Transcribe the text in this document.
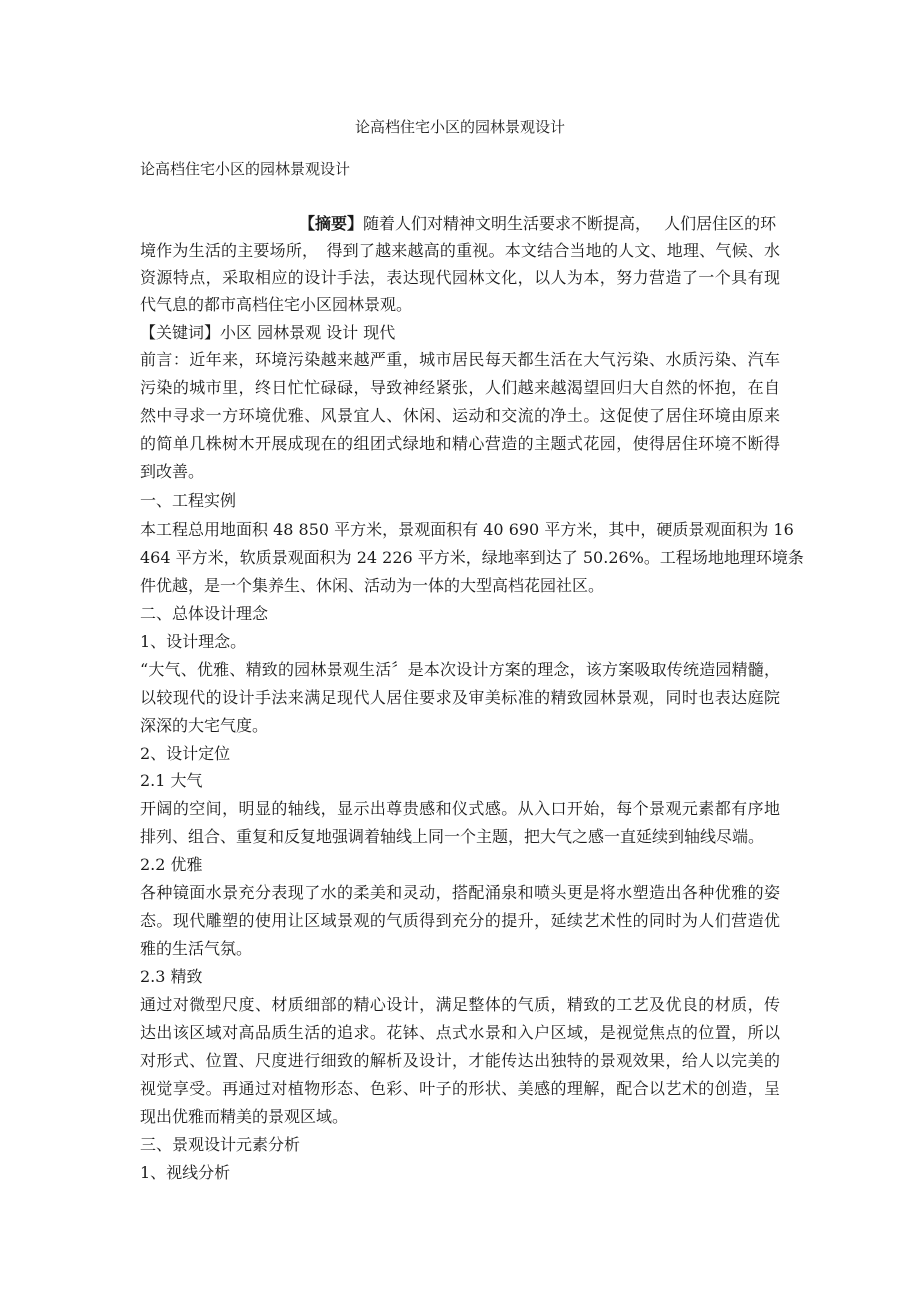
论高档住宅小区的园林景观设计
论高档住宅小区的园林景观设计
【摘要】随着人们对精神文明生活要求不断提高，　 人们居住区的环
境作为生活的主要场所，　得到了越来越高的重视。本文结合当地的人文、地理、气候、水
资源特点，采取相应的设计手法，表达现代园林文化，以人为本，努力营造了一个具有现
代气息的都市高档住宅小区园林景观。
【关键词】小区 园林景观 设计 现代
前言：近年来，环境污染越来越严重，城市居民每天都生活在大气污染、水质污染、汽车
污染的城市里，终日忙忙碌碌，导致神经紧张，人们越来越渴望回归大自然的怀抱，在自
然中寻求一方环境优雅、风景宜人、休闲、运动和交流的净土。这促使了居住环境由原来
的简单几株树木开展成现在的组团式绿地和精心营造的主题式花园，使得居住环境不断得
到改善。
一、工程实例
本工程总用地面积 48 850 平方米，景观面积有 40 690 平方米，其中，硬质景观面积为 16
464 平方米，软质景观面积为 24 226 平方米，绿地率到达了 50.26%。工程场地地理环境条
件优越，是一个集养生、休闲、活动为一体的大型高档花园社区。
二、总体设计理念
1、设计理念。
“大气、优雅、精致的园林景观生活〞是本次设计方案的理念，该方案吸取传统造园精髓，
以较现代的设计手法来满足现代人居住要求及审美标准的精致园林景观，同时也表达庭院
深深的大宅气度。
2、设计定位
2.1 大气
开阔的空间，明显的轴线，显示出尊贵感和仪式感。从入口开始，每个景观元素都有序地
排列、组合、重复和反复地强调着轴线上同一个主题，把大气之感一直延续到轴线尽端。
2.2 优雅
各种镜面水景充分表现了水的柔美和灵动，搭配涌泉和喷头更是将水塑造出各种优雅的姿
态。现代雕塑的使用让区域景观的气质得到充分的提升，延续艺术性的同时为人们营造优
雅的生活气氛。
2.3 精致
通过对微型尺度、材质细部的精心设计，满足整体的气质，精致的工艺及优良的材质，传
达出该区域对高品质生活的追求。花钵、点式水景和入户区域，是视觉焦点的位置，所以
对形式、位置、尺度进行细致的解析及设计，才能传达出独特的景观效果，给人以完美的
视觉享受。再通过对植物形态、色彩、叶子的形状、美感的理解，配合以艺术的创造，呈
现出优雅而精美的景观区域。
三、景观设计元素分析
1、视线分析
